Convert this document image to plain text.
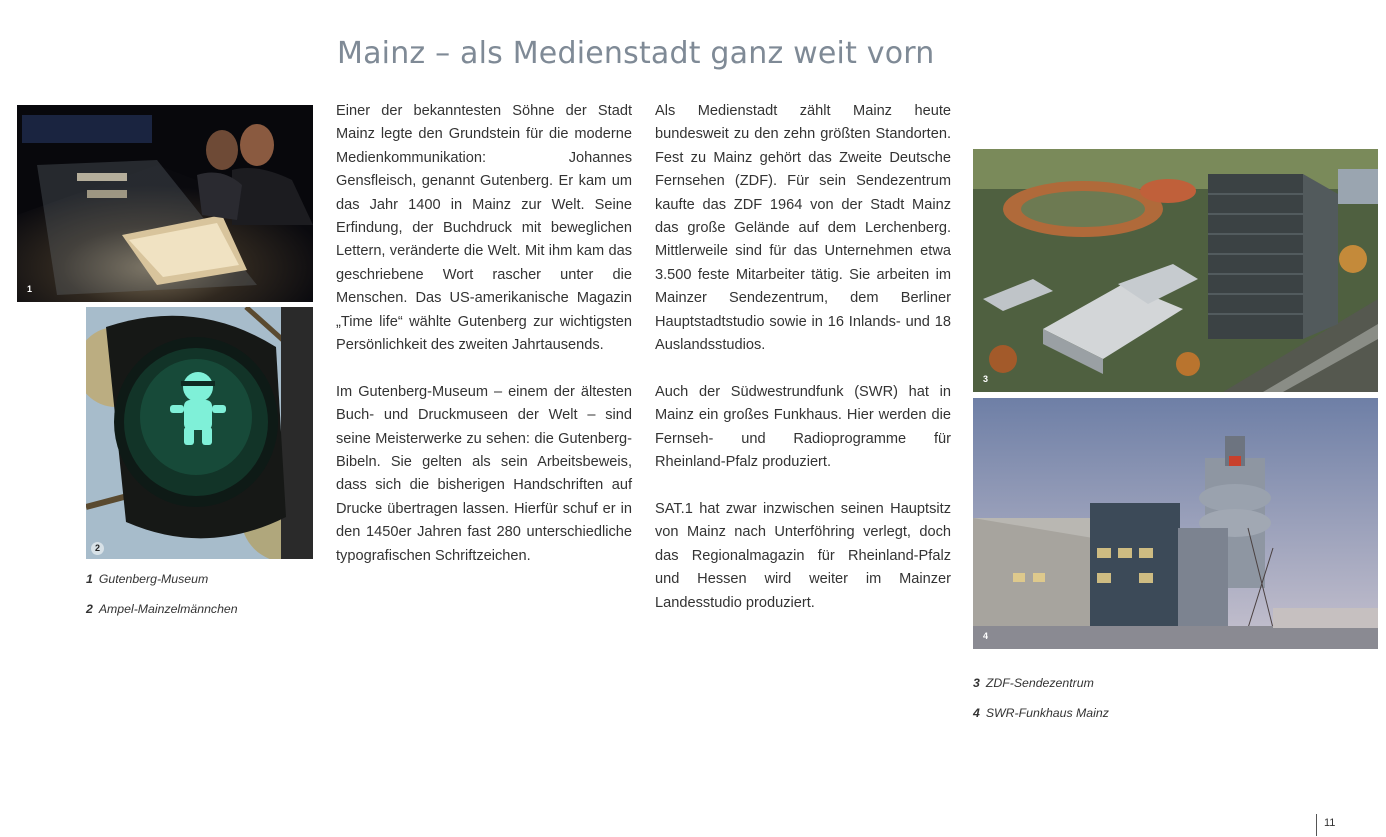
Mainz – als Medienstadt ganz weit vorn
1
2
1 Gutenberg-Museum
2 Ampel-Mainzelmännchen

Einer der bekanntesten Söhne der Stadt Mainz legte den Grundstein für die moderne Medienkommunikation: Johannes Gensfleisch, genannt Gutenberg. Er kam um das Jahr 1400 in Mainz zur Welt. Seine Erfindung, der Buchdruck mit beweglichen Lettern, veränderte die Welt. Mit ihm kam das geschriebene Wort rascher unter die Menschen. Das US-amerikanische Magazin „Time life“ wählte Gutenberg zur wichtigsten Persönlichkeit des zweiten Jahrtausends.

Im Gutenberg-Museum – einem der ältesten Buch- und Druckmuseen der Welt – sind seine Meisterwerke zu sehen: die Gutenberg-Bibeln. Sie gelten als sein Arbeitsbeweis, dass sich die bisherigen Handschriften auf Drucke übertragen lassen. Hierfür schuf er in den 1450er Jahren fast 280 unterschiedliche typografischen Schriftzeichen.

Als Medienstadt zählt Mainz heute bundesweit zu den zehn größten Standorten. Fest zu Mainz gehört das Zweite Deutsche Fernsehen (ZDF). Für sein Sendezentrum kaufte das ZDF 1964 von der Stadt Mainz das große Gelände auf dem Lerchenberg. Mittlerweile sind für das Unternehmen etwa 3.500 feste Mitarbeiter tätig. Sie arbeiten im Mainzer Sendezentrum, dem Berliner Hauptstadtstudio sowie in 16 Inlands- und 18 Auslandsstudios.

Auch der Südwestrundfunk (SWR) hat in Mainz ein großes Funkhaus. Hier werden die Fernseh- und Radioprogramme für Rheinland-Pfalz produziert.

SAT.1 hat zwar inzwischen seinen Hauptsitz von Mainz nach Unterföhring verlegt, doch das Regionalmagazin für Rheinland-Pfalz und Hessen wird weiter im Mainzer Landesstudio produziert.

3
4
3 ZDF-Sendezentrum
4 SWR-Funkhaus Mainz
11
